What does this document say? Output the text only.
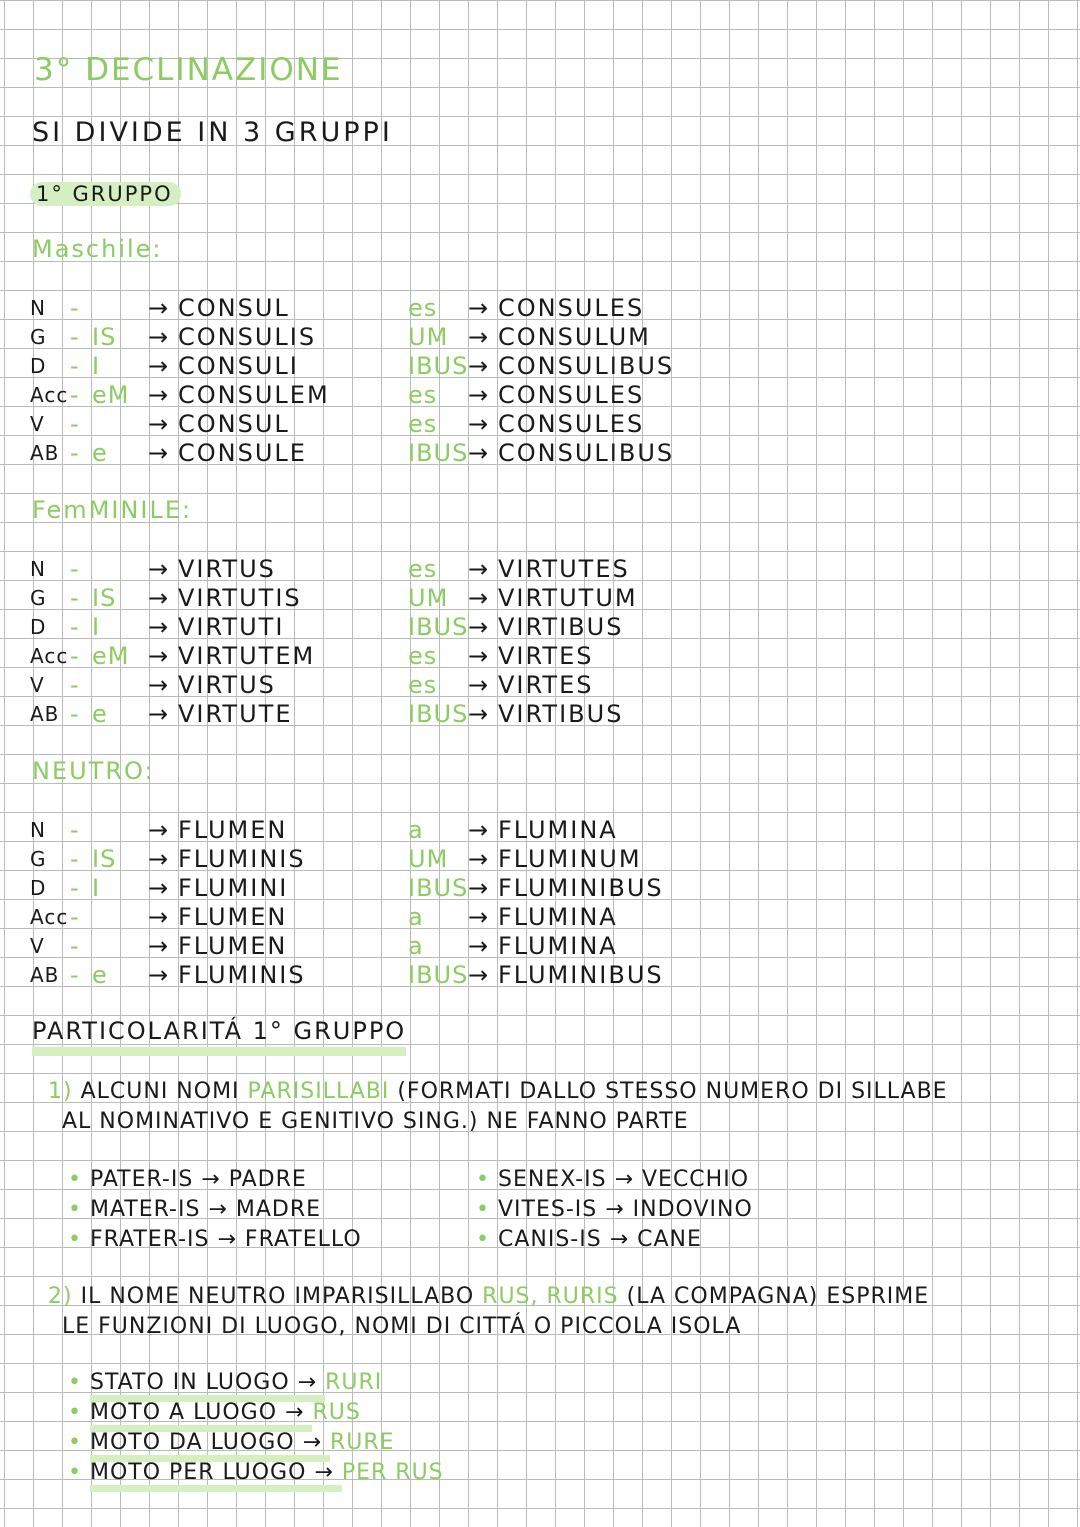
3° DECLINAZIONE
SI DIVIDE IN 3 GRUPPI
1° GRUPPO
Maschile:
N -	→ CONSUL	es → CONSULES
G - IS → CONSULIS	UM → CONSULUM
D - I → CONSULI	IBUS → CONSULIBUS
Acc - eM → CONSULEM	es → CONSULES
V -	→ CONSUL	es → CONSULES
AB - e → CONSULE	IBUS → CONSULIBUS
FemMINILE:
N -	→ VIRTUS	es → VIRTUTES
G - IS → VIRTUTIS	UM → VIRTUTUM
D - I → VIRTUTI	IBUS → VIRTIBUS
Acc - eM → VIRTUTEM	es → VIRTES
V -	→ VIRTUS	es → VIRTES
AB - e → VIRTUTE	IBUS → VIRTIBUS
NEUTRO:
N -	→ FLUMEN	a → FLUMINA
G - IS → FLUMINIS	UM → FLUMINUM
D - I → FLUMINI	IBUS → FLUMINIBUS
Acc -	→ FLUMEN	a → FLUMINA
V -	→ FLUMEN	a → FLUMINA
AB - e → FLUMINIS	IBUS → FLUMINIBUS
PARTICOLARITÁ 1° GRUPPO
1) ALCUNI NOMI PARISILLABI (FORMATI DALLO STESSO NUMERO DI SILLABE
AL NOMINATIVO E GENITIVO SING.) NE FANNO PARTE
• PATER-IS → PADRE
• MATER-IS → MADRE
• FRATER-IS → FRATELLO
• SENEX-IS → VECCHIO
• VITES-IS → INDOVINO
• CANIS-IS → CANE
2) IL NOME NEUTRO IMPARISILLABO RUS, RURIS (LA COMPAGNA) ESPRIME
LE FUNZIONI DI LUOGO, NOMI DI CITTÁ O PICCOLA ISOLA
• STATO IN LUOGO → RURI
• MOTO A LUOGO → RUS
• MOTO DA LUOGO → RURE
• MOTO PER LUOGO → PER RUS
